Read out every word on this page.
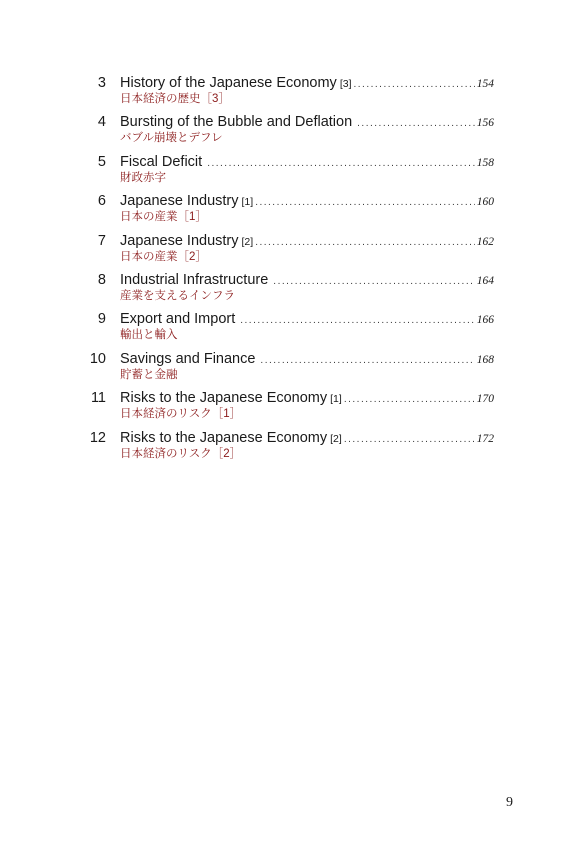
3 History of the Japanese Economy [3] .....	154
日本経済の歴史［3］
4 Bursting of the Bubble and Deflation .....	156
バブル崩壊とデフレ
5 Fiscal Deficit .....	158
財政赤字
6 Japanese Industry [1] .....	160
日本の産業［1］
7 Japanese Industry [2] .....	162
日本の産業［2］
8 Industrial Infrastructure .....	164
産業を支えるインフラ
9 Export and Import .....	166
輸出と輸入
10 Savings and Finance .....	168
貯蓄と金融
11 Risks to the Japanese Economy [1] .....	170
日本経済のリスク［1］
12 Risks to the Japanese Economy [2] .....	172
日本経済のリスク［2］
9
